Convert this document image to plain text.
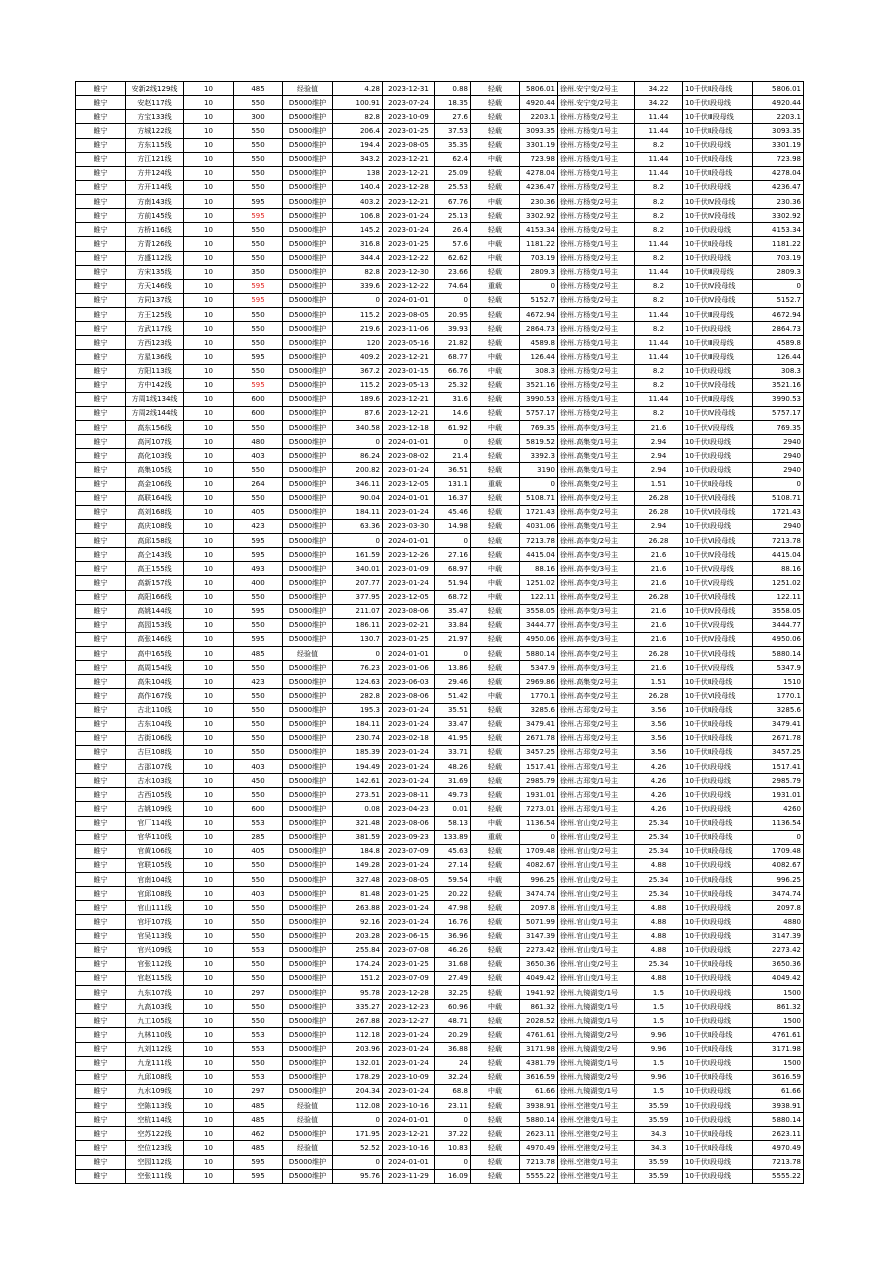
睢宁	安新2线129线	10	485	经验值	4.28	2023-12-31	0.88	轻载	5806.01	徐州.安宁变/2号主	34.22	10千伏Ⅱ段母线	5806.01
睢宁	安赵117线	10	550	D5000维护	100.91	2023-07-24	18.35	轻载	4920.44	徐州.安宁变/2号主	34.22	10千伏Ⅰ段母线	4920.44
睢宁	方宝133线	10	300	D5000维护	82.8	2023-10-09	27.6	轻载	2203.1	徐州.方杨变/2号主	11.44	10千伏Ⅲ段母线	2203.1
睢宁	方城122线	10	550	D5000维护	206.4	2023-01-25	37.53	轻载	3093.35	徐州.方杨变/1号主	11.44	10千伏Ⅱ段母线	3093.35
睢宁	方东115线	10	550	D5000维护	194.4	2023-08-05	35.35	轻载	3301.19	徐州.方杨变/2号主	8.2	10千伏Ⅰ段母线	3301.19
睢宁	方江121线	10	550	D5000维护	343.2	2023-12-21	62.4	中载	723.98	徐州.方杨变/1号主	11.44	10千伏Ⅱ段母线	723.98
睢宁	方井124线	10	550	D5000维护	138	2023-12-21	25.09	轻载	4278.04	徐州.方杨变/1号主	11.44	10千伏Ⅱ段母线	4278.04
睢宁	方开114线	10	550	D5000维护	140.4	2023-12-28	25.53	轻载	4236.47	徐州.方杨变/2号主	8.2	10千伏Ⅰ段母线	4236.47
睢宁	方南143线	10	595	D5000维护	403.2	2023-12-21	67.76	中载	230.36	徐州.方杨变/2号主	8.2	10千伏Ⅳ段母线	230.36
睢宁	方前145线	10	595	D5000维护	106.8	2023-01-24	25.13	轻载	3302.92	徐州.方杨变/2号主	8.2	10千伏Ⅳ段母线	3302.92
睢宁	方桥116线	10	550	D5000维护	145.2	2023-01-24	26.4	轻载	4153.34	徐州.方杨变/2号主	8.2	10千伏Ⅰ段母线	4153.34
睢宁	方青126线	10	550	D5000维护	316.8	2023-01-25	57.6	中载	1181.22	徐州.方杨变/1号主	11.44	10千伏Ⅱ段母线	1181.22
睢宁	方盛112线	10	550	D5000维护	344.4	2023-12-22	62.62	中载	703.19	徐州.方杨变/2号主	8.2	10千伏Ⅰ段母线	703.19
睢宁	方宋135线	10	350	D5000维护	82.8	2023-12-30	23.66	轻载	2809.3	徐州.方杨变/1号主	11.44	10千伏Ⅲ段母线	2809.3
睢宁	方天146线	10	595	D5000维护	339.6	2023-12-22	74.64	重载	0	徐州.方杨变/2号主	8.2	10千伏Ⅳ段母线	0
睢宁	方同137线	10	595	D5000维护	0	2024-01-01	0	轻载	5152.7	徐州.方杨变/2号主	8.2	10千伏Ⅳ段母线	5152.7
睢宁	方王125线	10	550	D5000维护	115.2	2023-08-05	20.95	轻载	4672.94	徐州.方杨变/1号主	11.44	10千伏Ⅲ段母线	4672.94
睢宁	方武117线	10	550	D5000维护	219.6	2023-11-06	39.93	轻载	2864.73	徐州.方杨变/2号主	8.2	10千伏Ⅰ段母线	2864.73
睢宁	方西123线	10	550	D5000维护	120	2023-05-16	21.82	轻载	4589.8	徐州.方杨变/1号主	11.44	10千伏Ⅲ段母线	4589.8
睢宁	方星136线	10	595	D5000维护	409.2	2023-12-21	68.77	中载	126.44	徐州.方杨变/1号主	11.44	10千伏Ⅲ段母线	126.44
睢宁	方阳113线	10	550	D5000维护	367.2	2023-01-15	66.76	中载	308.3	徐州.方杨变/2号主	8.2	10千伏Ⅰ段母线	308.3
睢宁	方中142线	10	595	D5000维护	115.2	2023-05-13	25.32	轻载	3521.16	徐州.方杨变/2号主	8.2	10千伏Ⅳ段母线	3521.16
睢宁	方周1线134线	10	600	D5000维护	189.6	2023-12-21	31.6	轻载	3990.53	徐州.方杨变/1号主	11.44	10千伏Ⅲ段母线	3990.53
睢宁	方周2线144线	10	600	D5000维护	87.6	2023-12-21	14.6	轻载	5757.17	徐州.方杨变/2号主	8.2	10千伏Ⅳ段母线	5757.17
睢宁	高东156线	10	550	D5000维护	340.58	2023-12-18	61.92	中载	769.35	徐州.高李变/3号主	21.6	10千伏Ⅴ段母线	769.35
睢宁	高河107线	10	480	D5000维护	0	2024-01-01	0	轻载	5819.52	徐州.高集变/1号主	2.94	10千伏Ⅰ段母线	2940
睢宁	高化103线	10	403	D5000维护	86.24	2023-08-02	21.4	轻载	3392.3	徐州.高集变/1号主	2.94	10千伏Ⅰ段母线	2940
睢宁	高集105线	10	550	D5000维护	200.82	2023-01-24	36.51	轻载	3190	徐州.高集变/1号主	2.94	10千伏Ⅰ段母线	2940
睢宁	高金106线	10	264	D5000维护	346.11	2023-12-05	131.1	重载	0	徐州.高集变/2号主	1.51	10千伏Ⅱ段母线	0
睢宁	高联164线	10	550	D5000维护	90.04	2024-01-01	16.37	轻载	5108.71	徐州.高李变/2号主	26.28	10千伏Ⅵ段母线	5108.71
睢宁	高刘168线	10	405	D5000维护	184.11	2023-01-24	45.46	轻载	1721.43	徐州.高李变/2号主	26.28	10千伏Ⅵ段母线	1721.43
睢宁	高庆108线	10	423	D5000维护	63.36	2023-03-30	14.98	轻载	4031.06	徐州.高集变/1号主	2.94	10千伏Ⅰ段母线	2940
睢宁	高邱158线	10	595	D5000维护	0	2024-01-01	0	轻载	7213.78	徐州.高李变/2号主	26.28	10千伏Ⅵ段母线	7213.78
睢宁	高仝143线	10	595	D5000维护	161.59	2023-12-26	27.16	轻载	4415.04	徐州.高李变/3号主	21.6	10千伏Ⅳ段母线	4415.04
睢宁	高王155线	10	493	D5000维护	340.01	2023-01-09	68.97	中载	88.16	徐州.高李变/3号主	21.6	10千伏Ⅴ段母线	88.16
睢宁	高新157线	10	400	D5000维护	207.77	2023-01-24	51.94	中载	1251.02	徐州.高李变/3号主	21.6	10千伏Ⅴ段母线	1251.02
睢宁	高阳166线	10	550	D5000维护	377.95	2023-12-05	68.72	中载	122.11	徐州.高李变/2号主	26.28	10千伏Ⅵ段母线	122.11
睢宁	高姚144线	10	595	D5000维护	211.07	2023-08-06	35.47	轻载	3558.05	徐州.高李变/3号主	21.6	10千伏Ⅳ段母线	3558.05
睢宁	高园153线	10	550	D5000维护	186.11	2023-02-21	33.84	轻载	3444.77	徐州.高李变/3号主	21.6	10千伏Ⅴ段母线	3444.77
睢宁	高张146线	10	595	D5000维护	130.7	2023-01-25	21.97	轻载	4950.06	徐州.高李变/3号主	21.6	10千伏Ⅳ段母线	4950.06
睢宁	高中165线	10	485	经验值	0	2024-01-01	0	轻载	5880.14	徐州.高李变/2号主	26.28	10千伏Ⅵ段母线	5880.14
睢宁	高周154线	10	550	D5000维护	76.23	2023-01-06	13.86	轻载	5347.9	徐州.高李变/3号主	21.6	10千伏Ⅴ段母线	5347.9
睢宁	高朱104线	10	423	D5000维护	124.63	2023-06-03	29.46	轻载	2969.86	徐州.高集变/2号主	1.51	10千伏Ⅱ段母线	1510
睢宁	高作167线	10	550	D5000维护	282.8	2023-08-06	51.42	中载	1770.1	徐州.高李变/2号主	26.28	10千伏Ⅵ段母线	1770.1
睢宁	古北110线	10	550	D5000维护	195.3	2023-01-24	35.51	轻载	3285.6	徐州.古邳变/2号主	3.56	10千伏Ⅱ段母线	3285.6
睢宁	古东104线	10	550	D5000维护	184.11	2023-01-24	33.47	轻载	3479.41	徐州.古邳变/2号主	3.56	10千伏Ⅱ段母线	3479.41
睢宁	古街106线	10	550	D5000维护	230.74	2023-02-18	41.95	轻载	2671.78	徐州.古邳变/2号主	3.56	10千伏Ⅱ段母线	2671.78
睢宁	古巨108线	10	550	D5000维护	185.39	2023-01-24	33.71	轻载	3457.25	徐州.古邳变/2号主	3.56	10千伏Ⅱ段母线	3457.25
睢宁	古邵107线	10	403	D5000维护	194.49	2023-01-24	48.26	轻载	1517.41	徐州.古邳变/1号主	4.26	10千伏Ⅰ段母线	1517.41
睢宁	古水103线	10	450	D5000维护	142.61	2023-01-24	31.69	轻载	2985.79	徐州.古邳变/1号主	4.26	10千伏Ⅰ段母线	2985.79
睢宁	古西105线	10	550	D5000维护	273.51	2023-08-11	49.73	轻载	1931.01	徐州.古邳变/1号主	4.26	10千伏Ⅰ段母线	1931.01
睢宁	古姚109线	10	600	D5000维护	0.08	2023-04-23	0.01	轻载	7273.01	徐州.古邳变/1号主	4.26	10千伏Ⅰ段母线	4260
睢宁	官厂114线	10	553	D5000维护	321.48	2023-08-06	58.13	中载	1136.54	徐州.官山变/2号主	25.34	10千伏Ⅱ段母线	1136.54
睢宁	官华110线	10	285	D5000维护	381.59	2023-09-23	133.89	重载	0	徐州.官山变/2号主	25.34	10千伏Ⅱ段母线	0
睢宁	官黄106线	10	405	D5000维护	184.8	2023-07-09	45.63	轻载	1709.48	徐州.官山变/2号主	25.34	10千伏Ⅱ段母线	1709.48
睢宁	官联105线	10	550	D5000维护	149.28	2023-01-24	27.14	轻载	4082.67	徐州.官山变/1号主	4.88	10千伏Ⅰ段母线	4082.67
睢宁	官南104线	10	550	D5000维护	327.48	2023-08-05	59.54	中载	996.25	徐州.官山变/2号主	25.34	10千伏Ⅱ段母线	996.25
睢宁	官邱108线	10	403	D5000维护	81.48	2023-01-25	20.22	轻载	3474.74	徐州.官山变/2号主	25.34	10千伏Ⅱ段母线	3474.74
睢宁	官山111线	10	550	D5000维护	263.88	2023-01-24	47.98	轻载	2097.8	徐州.官山变/1号主	4.88	10千伏Ⅰ段母线	2097.8
睢宁	官圩107线	10	550	D5000维护	92.16	2023-01-24	16.76	轻载	5071.99	徐州.官山变/1号主	4.88	10千伏Ⅰ段母线	4880
睢宁	官吴113线	10	550	D5000维护	203.28	2023-06-15	36.96	轻载	3147.39	徐州.官山变/1号主	4.88	10千伏Ⅰ段母线	3147.39
睢宁	官兴109线	10	553	D5000维护	255.84	2023-07-08	46.26	轻载	2273.42	徐州.官山变/1号主	4.88	10千伏Ⅰ段母线	2273.42
睢宁	官张112线	10	550	D5000维护	174.24	2023-01-25	31.68	轻载	3650.36	徐州.官山变/2号主	25.34	10千伏Ⅱ段母线	3650.36
睢宁	官赵115线	10	550	D5000维护	151.2	2023-07-09	27.49	轻载	4049.42	徐州.官山变/1号主	4.88	10千伏Ⅰ段母线	4049.42
睢宁	九东107线	10	297	D5000维护	95.78	2023-12-28	32.25	轻载	1941.92	徐州.九镜湖变/1号	1.5	10千伏Ⅰ段母线	1500
睢宁	九高103线	10	550	D5000维护	335.27	2023-12-23	60.96	中载	861.32	徐州.九镜湖变/1号	1.5	10千伏Ⅰ段母线	861.32
睢宁	九工105线	10	550	D5000维护	267.88	2023-12-27	48.71	轻载	2028.52	徐州.九镜湖变/1号	1.5	10千伏Ⅰ段母线	1500
睢宁	九林110线	10	553	D5000维护	112.18	2023-01-24	20.29	轻载	4761.61	徐州.九镜湖变/2号	9.96	10千伏Ⅱ段母线	4761.61
睢宁	九刘112线	10	553	D5000维护	203.96	2023-01-24	36.88	轻载	3171.98	徐州.九镜湖变/2号	9.96	10千伏Ⅱ段母线	3171.98
睢宁	九龙111线	10	550	D5000维护	132.01	2023-01-24	24	轻载	4381.79	徐州.九镜湖变/1号	1.5	10千伏Ⅰ段母线	1500
睢宁	九邱108线	10	553	D5000维护	178.29	2023-10-09	32.24	轻载	3616.59	徐州.九镜湖变/2号	9.96	10千伏Ⅱ段母线	3616.59
睢宁	九水109线	10	297	D5000维护	204.34	2023-01-24	68.8	中载	61.66	徐州.九镜湖变/1号	1.5	10千伏Ⅰ段母线	61.66
睢宁	空陈113线	10	485	经验值	112.08	2023-10-16	23.11	轻载	3938.91	徐州.空港变/1号主	35.59	10千伏Ⅰ段母线	3938.91
睢宁	空杭114线	10	485	经验值	0	2024-01-01	0	轻载	5880.14	徐州.空港变/1号主	35.59	10千伏Ⅰ段母线	5880.14
睢宁	空苏122线	10	462	D5000维护	171.95	2023-12-21	37.22	轻载	2623.11	徐州.空港变/2号主	34.3	10千伏Ⅱ段母线	2623.11
睢宁	空位123线	10	485	经验值	52.52	2023-10-16	10.83	轻载	4970.49	徐州.空港变/2号主	34.3	10千伏Ⅱ段母线	4970.49
睢宁	空园112线	10	595	D5000维护	0	2024-01-01	0	轻载	7213.78	徐州.空港变/1号主	35.59	10千伏Ⅰ段母线	7213.78
睢宁	空张111线	10	595	D5000维护	95.76	2023-11-29	16.09	轻载	5555.22	徐州.空港变/1号主	35.59	10千伏Ⅰ段母线	5555.22
